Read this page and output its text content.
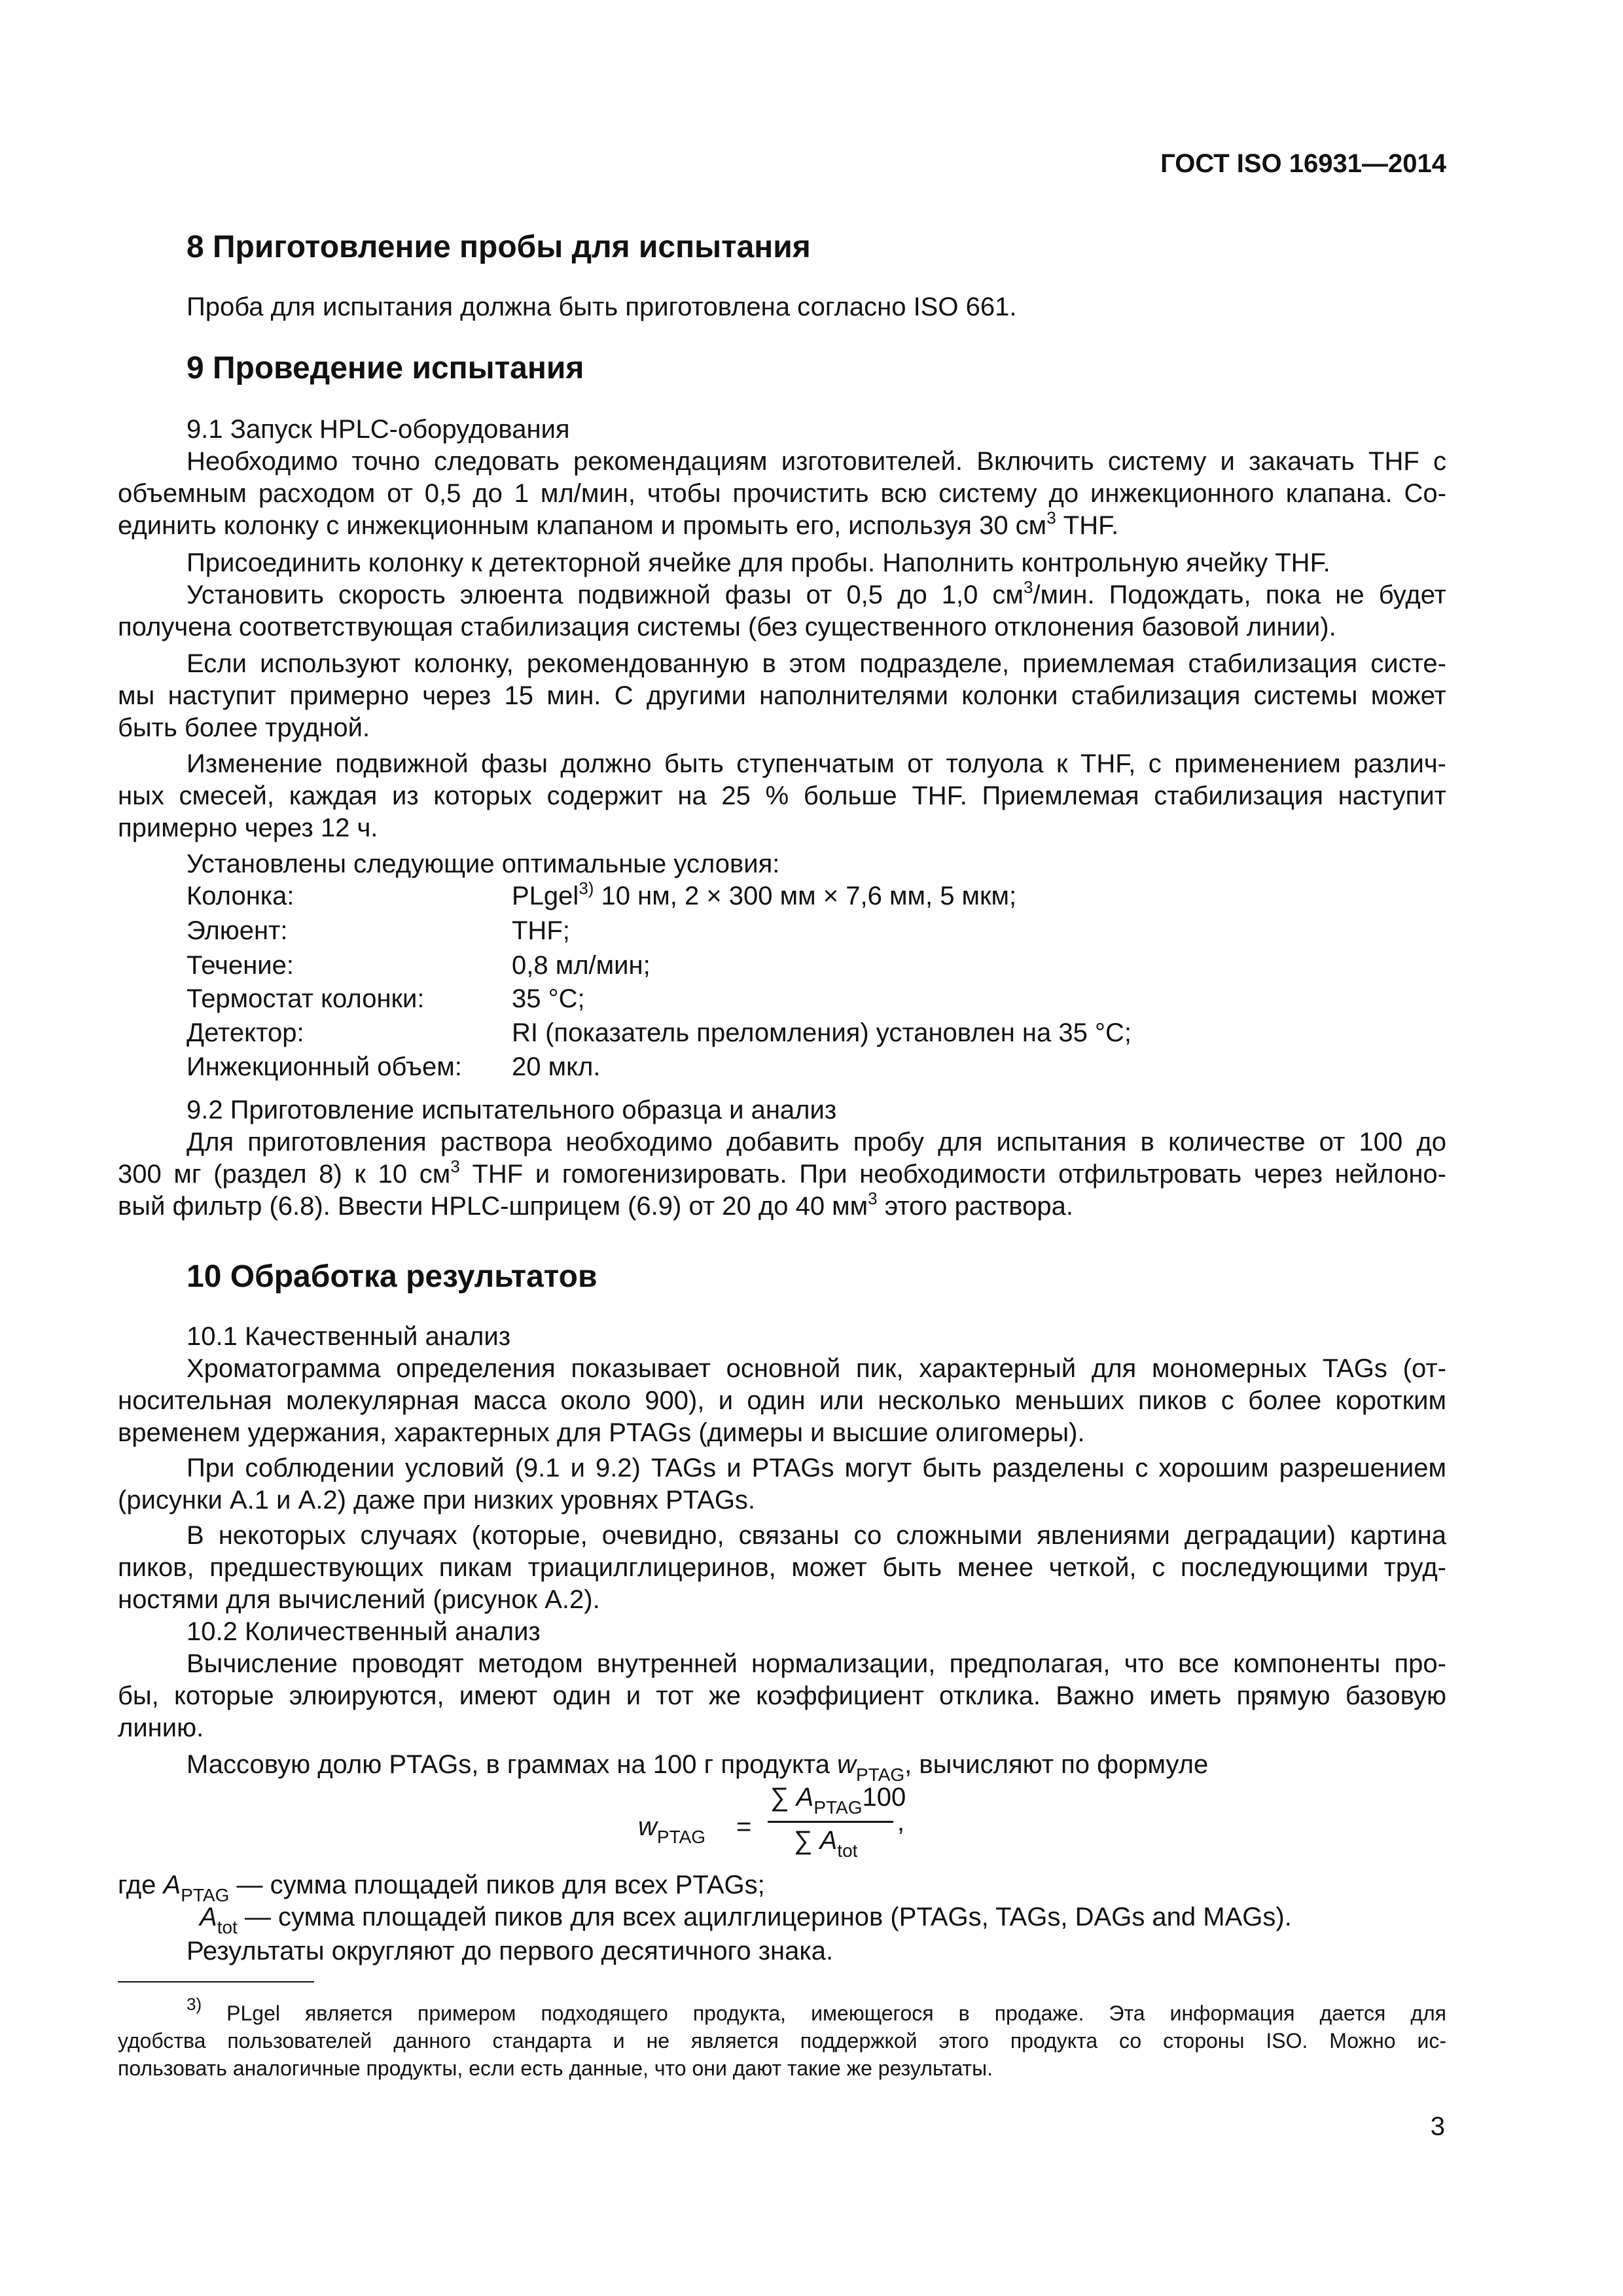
ГОСТ ISO 16931—2014
8 Приготовление пробы для испытания
Проба для испытания должна быть приготовлена согласно ISO 661.
9 Проведение испытания
9.1 Запуск HPLC-оборудования
Необходимо точно следовать рекомендациям изготовителей. Включить систему и закачать THF с
объемным расходом от 0,5 до 1 мл/мин, чтобы прочистить всю систему до инжекционного клапана. Со-
единить колонку с инжекционным клапаном и промыть его, используя 30 $см^3$ THF.
Присоединить колонку к детекторной ячейке для пробы. Наполнить контрольную ячейку THF.
Установить скорость элюента подвижной фазы от 0,5 до 1,0 $см^3$/мин. Подождать, пока не будет
получена соответствующая стабилизация системы (без существенного отклонения базовой линии).
Если используют колонку, рекомендованную в этом подразделе, приемлемая стабилизация систе-
мы наступит примерно через 15 мин. С другими наполнителями колонки стабилизация системы может
быть более трудной.
Изменение подвижной фазы должно быть ступенчатым от толуола к THF, с применением различ-
ных смесей, каждая из которых содержит на 25 % больше THF. Приемлемая стабилизация наступит
примерно через 12 ч.
Установлены следующие оптимальные условия:
Колонка:	PLgel$^{3)}$ 10 нм, 2 × 300 мм × 7,6 мм, 5 мкм;
Элюент:	THF;
Течение:	0,8 мл/мин;
Термостат колонки:	35 °С;
Детектор:	RI (показатель преломления) установлен на 35 °С;
Инжекционный объем: 20 мкл.
9.2 Приготовление испытательного образца и анализ
Для приготовления раствора необходимо добавить пробу для испытания в количестве от 100 до
300 мг (раздел 8) к 10 $см^3$ THF и гомогенизировать. При необходимости отфильтровать через нейлоно-
вый фильтр (6.8). Ввести HPLC-шприцем (6.9) от 20 до 40 $мм^3$ этого раствора.
10 Обработка результатов
10.1 Качественный анализ
Хроматограмма определения показывает основной пик, характерный для мономерных TAGs (от-
носительная молекулярная масса около 900), и один или несколько меньших пиков с более коротким
временем удержания, характерных для PTAGs (димеры и высшие олигомеры).
При соблюдении условий (9.1 и 9.2) TAGs и PTAGs могут быть разделены с хорошим разрешением
(рисунки А.1 и А.2) даже при низких уровнях PTAGs.
В некоторых случаях (которые, очевидно, связаны со сложными явлениями деградации) картина
пиков, предшествующих пикам триацилглицеринов, может быть менее четкой, с последующими труд-
ностями для вычислений (рисунок А.2).
10.2 Количественный анализ
Вычисление проводят методом внутренней нормализации, предполагая, что все компоненты про-
бы, которые элюируются, имеют один и тот же коэффициент отклика. Важно иметь прямую базовую
линию.
Массовую долю PTAGs, в граммах на 100 г продукта $w_{PTAG}$, вычисляют по формуле
$w_{PTAG}$ =
∑ $A_{PTAG}100$
∑ $A_{tot}$
,
где $A_{PTAG}$ — сумма площадей пиков для всех PTAGs;
$A_{tot}$ — сумма площадей пиков для всех ацилглицеринов (PTAGs, TAGs, DAGs and MAGs).
Результаты округляют до первого десятичного знака.
$^{3)}$ PLgel является примером подходящего продукта, имеющегося в продаже. Эта информация дается для
удобства пользователей данного стандарта и не является поддержкой этого продукта со стороны ISO. Можно ис-
пользовать аналогичные продукты, если есть данные, что они дают такие же результаты.
3
